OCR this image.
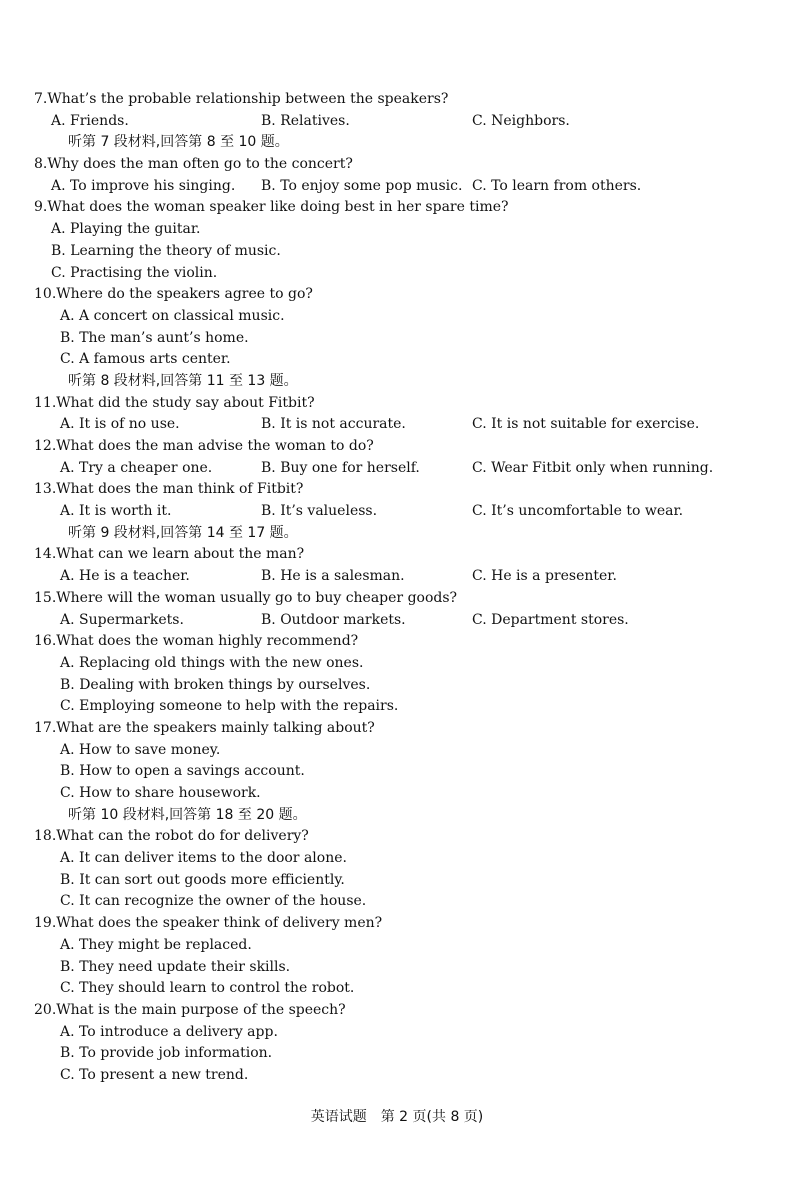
7.What’s the probable relationship between the speakers?
A. Friends.	B. Relatives.	C. Neighbors.
听第 7 段材料,回答第 8 至 10 题。
8.Why does the man often go to the concert?
A. To improve his singing. B. To enjoy some pop music. C. To learn from others.
9.What does the woman speaker like doing best in her spare time?
A. Playing the guitar.
B. Learning the theory of music.
C. Practising the violin.
10.Where do the speakers agree to go?
A. A concert on classical music.
B. The man’s aunt’s home.
C. A famous arts center.
听第 8 段材料,回答第 11 至 13 题。
11.What did the study say about Fitbit?
A. It is of no use.	B. It is not accurate.	C. It is not suitable for exercise.
12.What does the man advise the woman to do?
A. Try a cheaper one.	B. Buy one for herself.	C. Wear Fitbit only when running.
13.What does the man think of Fitbit?
A. It is worth it.	B. It’s valueless.	C. It’s uncomfortable to wear.
听第 9 段材料,回答第 14 至 17 题。
14.What can we learn about the man?
A. He is a teacher.	B. He is a salesman.	C. He is a presenter.
15.Where will the woman usually go to buy cheaper goods?
A. Supermarkets.	B. Outdoor markets.	C. Department stores.
16.What does the woman highly recommend?
A. Replacing old things with the new ones.
B. Dealing with broken things by ourselves.
C. Employing someone to help with the repairs.
17.What are the speakers mainly talking about?
A. How to save money.
B. How to open a savings account.
C. How to share housework.
听第 10 段材料,回答第 18 至 20 题。
18.What can the robot do for delivery?
A. It can deliver items to the door alone.
B. It can sort out goods more efficiently.
C. It can recognize the owner of the house.
19.What does the speaker think of delivery men?
A. They might be replaced.
B. They need update their skills.
C. They should learn to control the robot.
20.What is the main purpose of the speech?
A. To introduce a delivery app.
B. To provide job information.
C. To present a new trend.
英语试题　第 2 页(共 8 页)
